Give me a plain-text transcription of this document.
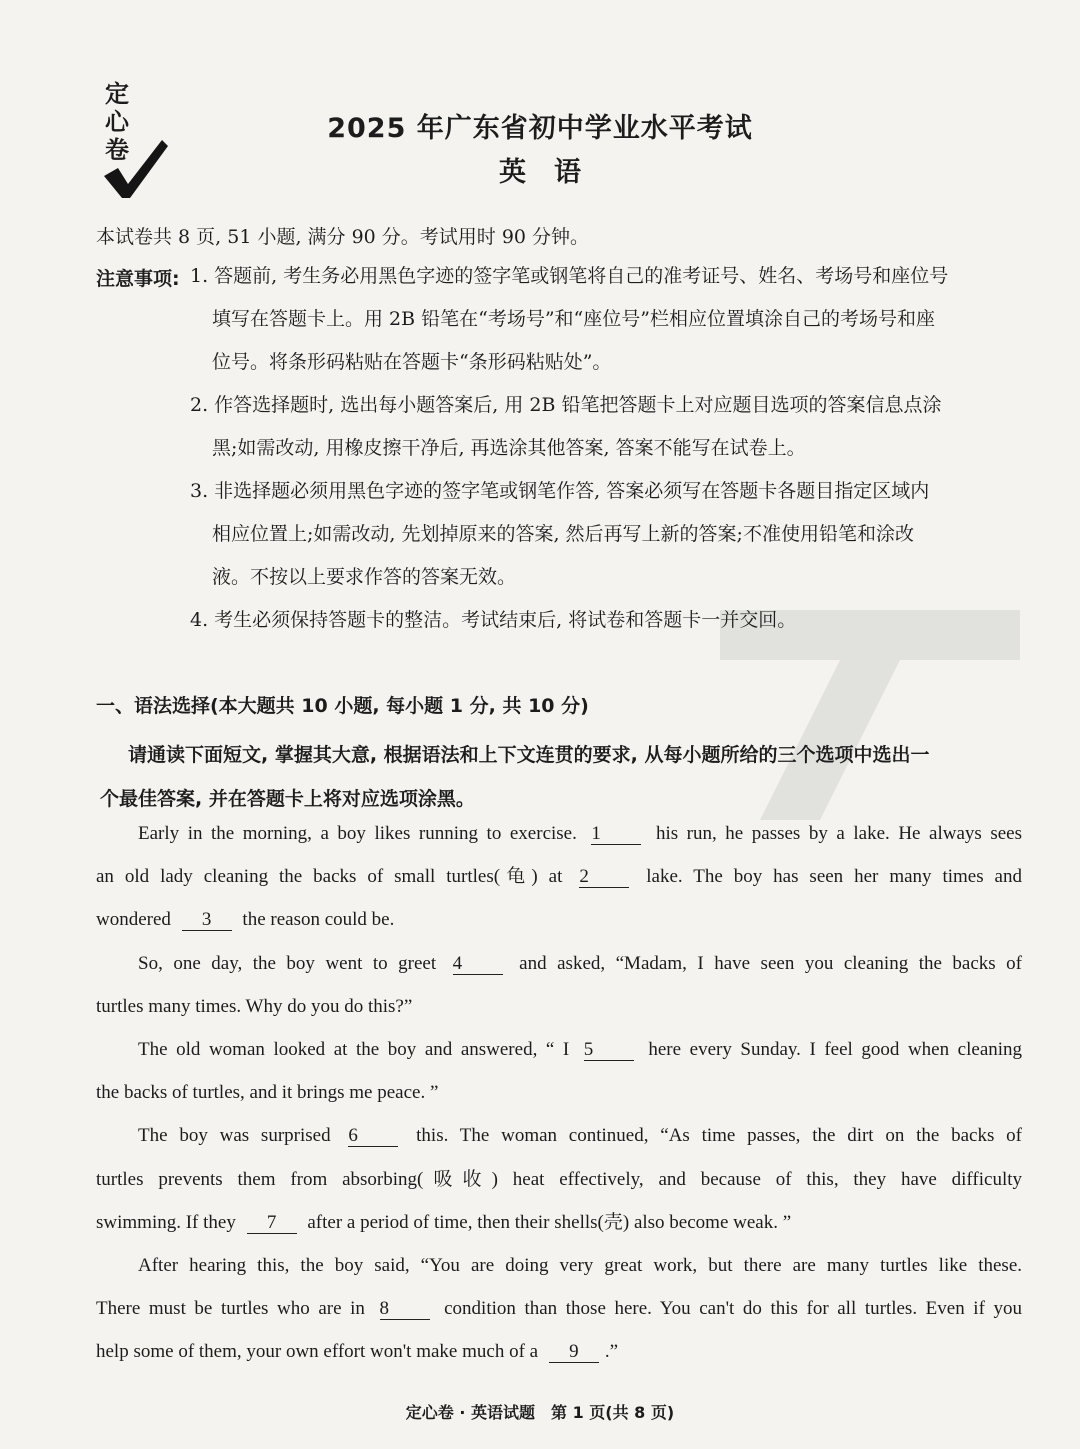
定
心
卷
2025 年广东省初中学业水平考试
英语
本试卷共 8 页, 51 小题, 满分 90 分。考试用时 90 分钟。
注意事项: 1. 答题前, 考生务必用黑色字迹的签字笔或钢笔将自己的准考证号、姓名、考场号和座位号
填写在答题卡上。用 2B 铅笔在“考场号”和“座位号”栏相应位置填涂自己的考场号和座
位号。将条形码粘贴在答题卡“条形码粘贴处”。
2. 作答选择题时, 选出每小题答案后, 用 2B 铅笔把答题卡上对应题目选项的答案信息点涂
黑;如需改动, 用橡皮擦干净后, 再选涂其他答案, 答案不能写在试卷上。
3. 非选择题必须用黑色字迹的签字笔或钢笔作答, 答案必须写在答题卡各题目指定区域内
相应位置上;如需改动, 先划掉原来的答案, 然后再写上新的答案;不准使用铅笔和涂改
液。不按以上要求作答的答案无效。
4. 考生必须保持答题卡的整洁。考试结束后, 将试卷和答题卡一并交回。
一、语法选择(本大题共 10 小题, 每小题 1 分, 共 10 分)
请通读下面短文, 掌握其大意, 根据语法和上下文连贯的要求, 从每小题所给的三个选项中选出一
个最佳答案, 并在答题卡上将对应选项涂黑。
Early in the morning, a boy likes running to exercise. 1	his run, he passes by a lake. He always sees
an old lady cleaning the backs of small turtles(龟) at 2	lake. The boy has seen her many times and
wondered 3 the reason could be.
So, one day, the boy went to greet 4	and asked, “Madam, I have seen you cleaning the backs of
turtles many times. Why do you do this?”
The old woman looked at the boy and answered, “ I 5	here every Sunday. I feel good when cleaning
the backs of turtles, and it brings me peace. ”
The boy was surprised 6	this. The woman continued, “As time passes, the dirt on the backs of
turtles prevents them from absorbing(吸收) heat effectively, and because of this, they have difficulty
swimming. If they 7 after a period of time, then their shells(壳) also become weak. ”
After hearing this, the boy said, “You are doing very great work, but there are many turtles like these.
There must be turtles who are in 8	condition than those here. You can't do this for all turtles. Even if you
help some of them, your own effort won't make much of a 9 .”
定心卷 · 英语试题　第 1 页(共 8 页)
